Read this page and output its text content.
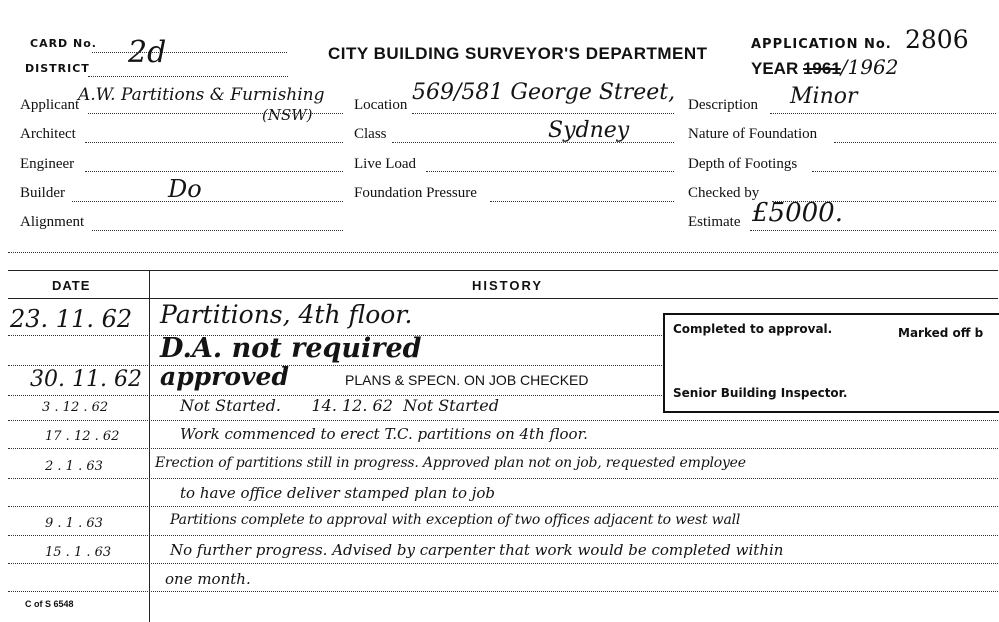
CARD No. 2d
DISTRICT
CITY BUILDING SURVEYOR'S DEPARTMENT	APPLICATION No. 2806
YEAR 1961/1962
Applicant
A.W. Partitions & Furnishing
(NSW)
Architect
Engineer
Builder	Do
Alignment
Location 569/581 George Street,
Class	Sydney
Live Load
Foundation Pressure
Description Minor
Nature of Foundation
Depth of Footings
Checked by
Estimate £5000.
DATE	HISTORY
23. 11. 62 Partitions, 4th floor.
D.A. not required
30. 11. 62 approved	PLANS & SPECN. ON JOB CHECKED
3 . 12 . 62	Not Started.      14. 12. 62  Not Started
17 . 12 . 62	Work commenced to erect T.C. partitions on 4th floor.
2 . 1 . 63	Erection of partitions still in progress. Approved plan not on job, requested employee
to have office deliver stamped plan to job
9 . 1 . 63	Partitions complete to approval with exception of two offices adjacent to west wall
15 . 1 . 63	No further progress. Advised by carpenter that work would be completed within
one month.
Completed to approval.	Marked off b
Senior Building Inspector.
C of S 6548
